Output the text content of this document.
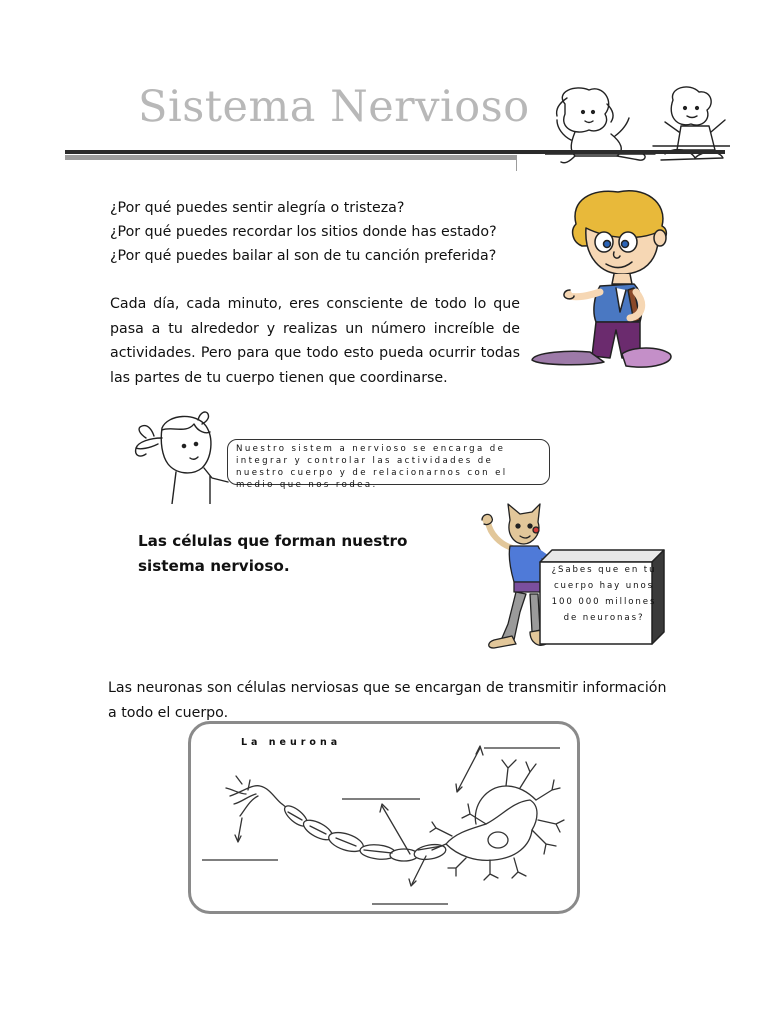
Sistema Nervioso
¿Por qué puedes sentir alegría o tristeza?
¿Por qué puedes recordar los sitios donde has estado?
¿Por qué puedes bailar al son de tu canción preferida?
Cada día, cada minuto, eres consciente de todo lo que pasa a tu alrededor y realizas un número increíble de actividades. Pero para que todo esto pueda ocurrir todas las partes de tu cuerpo tienen que coordinarse.
Nuestro sistem a nervioso se encarga de integrar y controlar las actividades de nuestro cuerpo y de relacionarnos con el medio que nos rodea.
Las células que forman nuestro sistema nervioso.	¿Sabes que en tu cuerpo hay unos 100 000 millones de neuronas?
Las neuronas son células nerviosas que se encargan de transmitir información a todo el cuerpo.
La neurona
